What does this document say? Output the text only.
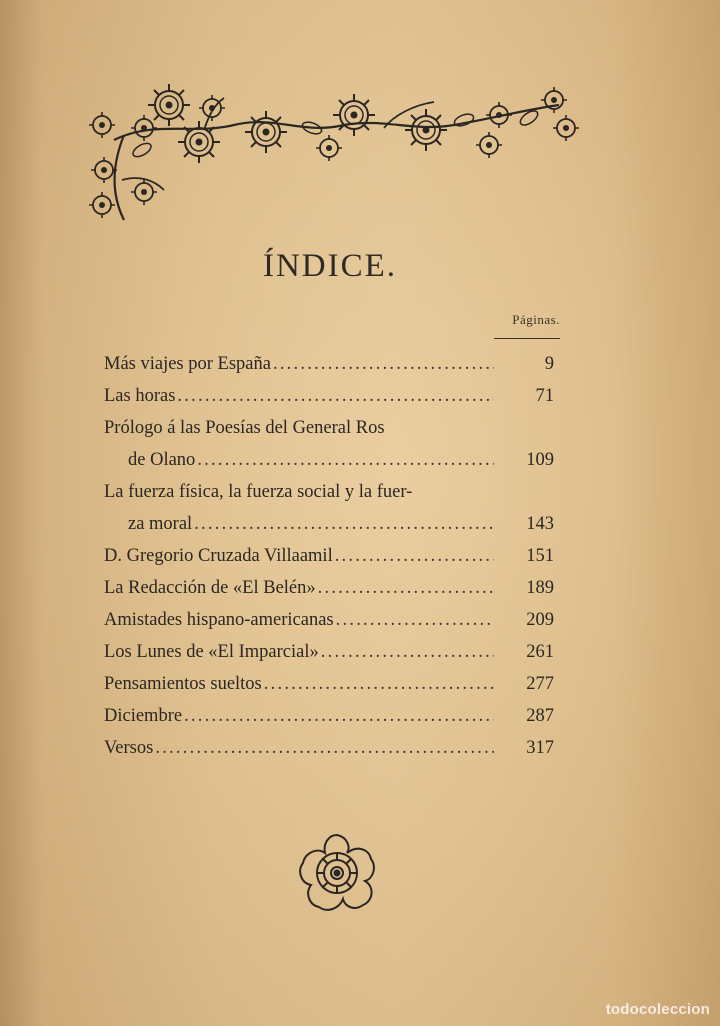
ÍNDICE.
Páginas.
Más viajes por España . . .	9
Las horas . . .	71
Prólogo á las Poesías del General Ros
de Olano . . .	109
La fuerza física, la fuerza social y la fuer-
za moral . . .	143
D. Gregorio Cruzada Villaamil . . .	151
La Redacción de «El Belén» . . .	189
Amistades hispano-americanas . . .	209
Los Lunes de «El Imparcial» . . .	261
Pensamientos sueltos . . .	277
Diciembre . . .	287
Versos . . .	317
todocoleccion
